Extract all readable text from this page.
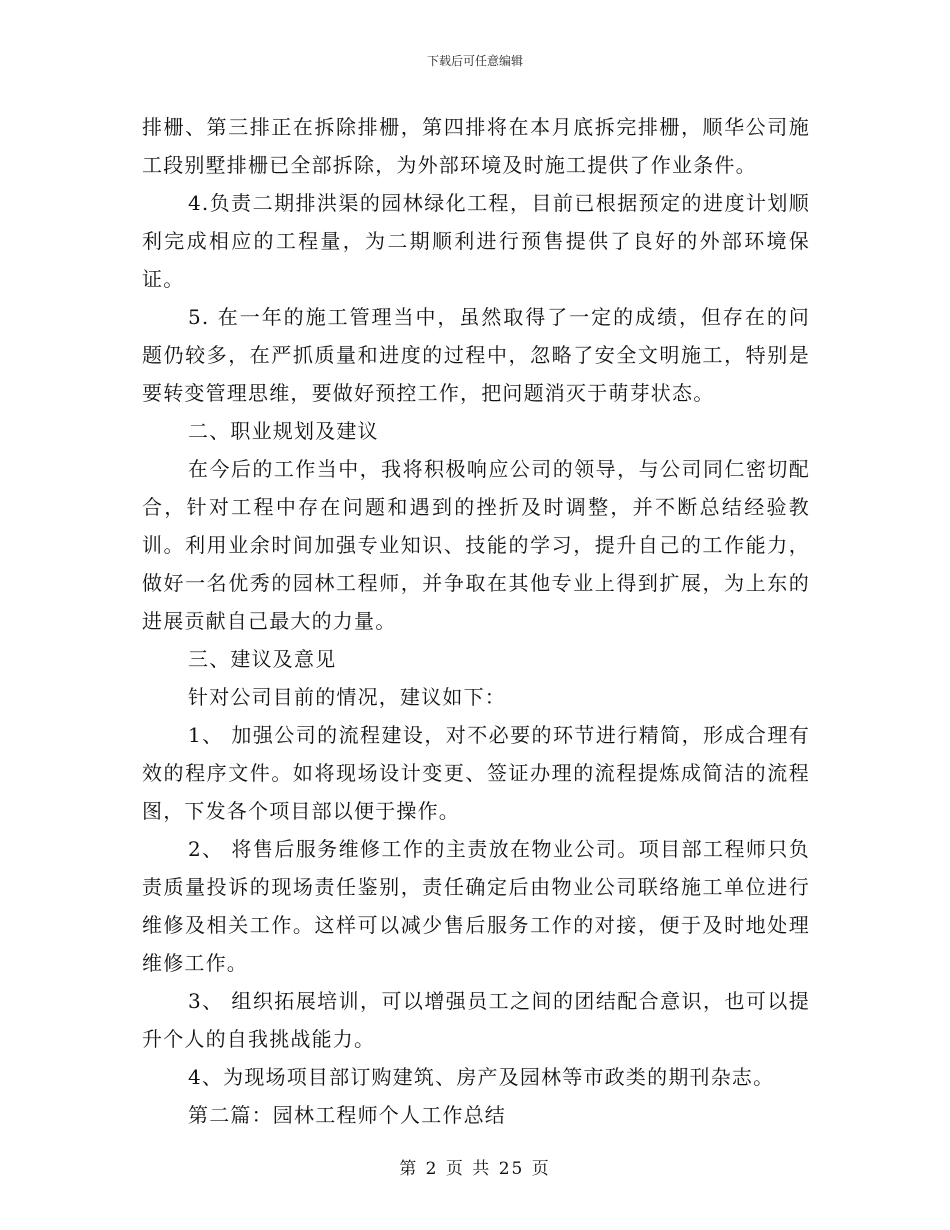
下载后可任意编辑

排栅、第三排正在拆除排栅，第四排将在本月底拆完排栅，顺华公司施工段别墅排栅已全部拆除，为外部环境及时施工提供了作业条件。

4.负责二期排洪渠的园林绿化工程，目前已根据预定的进度计划顺利完成相应的工程量，为二期顺利进行预售提供了良好的外部环境保证。

5. 在一年的施工管理当中，虽然取得了一定的成绩，但存在的问题仍较多，在严抓质量和进度的过程中，忽略了安全文明施工，特别是要转变管理思维，要做好预控工作，把问题消灭于萌芽状态。

二、职业规划及建议

在今后的工作当中，我将积极响应公司的领导，与公司同仁密切配合，针对工程中存在问题和遇到的挫折及时调整，并不断总结经验教训。利用业余时间加强专业知识、技能的学习，提升自己的工作能力，做好一名优秀的园林工程师，并争取在其他专业上得到扩展，为上东的进展贡献自己最大的力量。

三、建议及意见

针对公司目前的情况，建议如下：

1、 加强公司的流程建设，对不必要的环节进行精简，形成合理有效的程序文件。如将现场设计变更、签证办理的流程提炼成简洁的流程图，下发各个项目部以便于操作。

2、 将售后服务维修工作的主责放在物业公司。项目部工程师只负责质量投诉的现场责任鉴别，责任确定后由物业公司联络施工单位进行维修及相关工作。这样可以减少售后服务工作的对接，便于及时地处理维修工作。

3、 组织拓展培训，可以增强员工之间的团结配合意识，也可以提升个人的自我挑战能力。

4、为现场项目部订购建筑、房产及园林等市政类的期刊杂志。

第二篇：园林工程师个人工作总结

第 2 页 共 25 页
